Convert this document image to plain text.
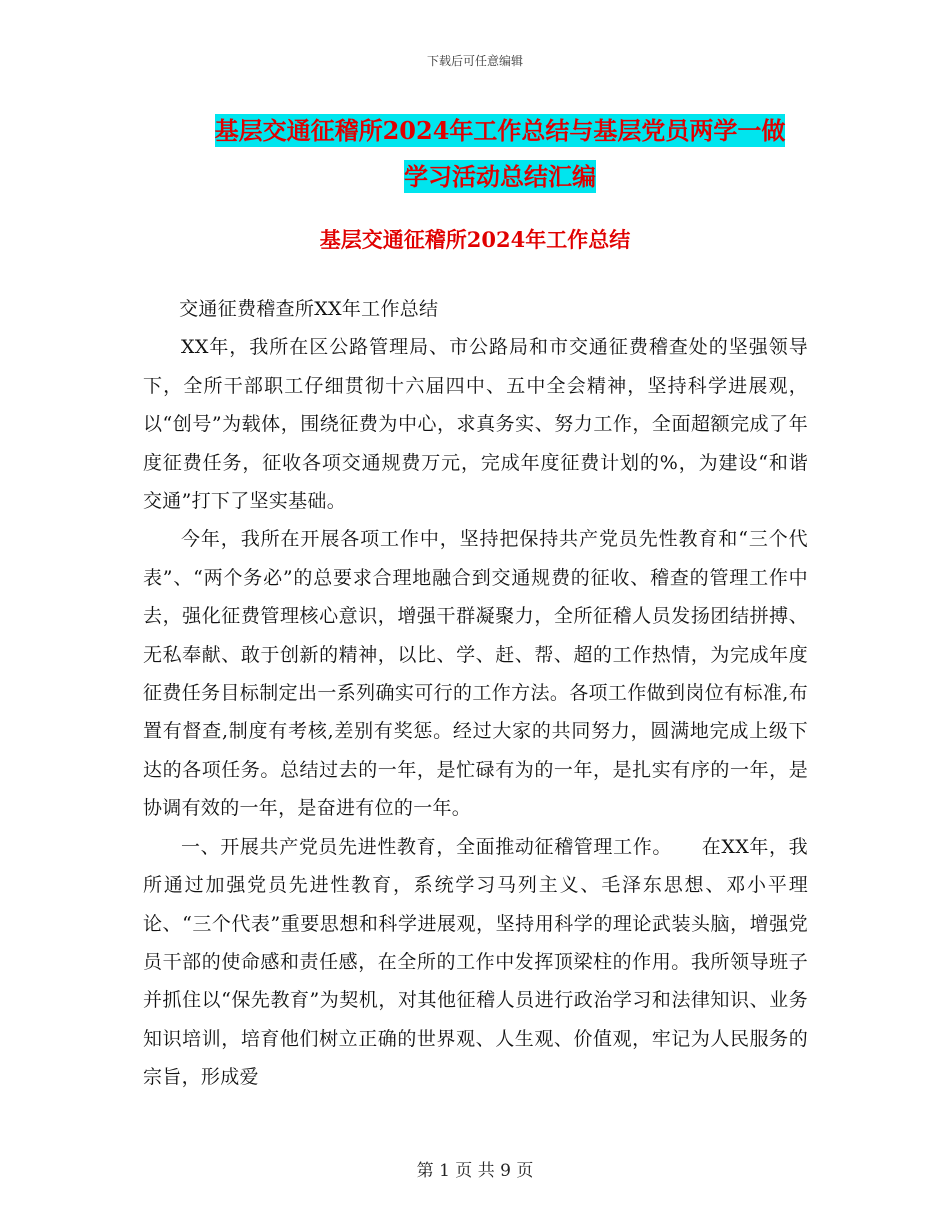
下载后可任意编辑
基层交通征稽所2024年工作总结与基层党员两学一做
学习活动总结汇编
基层交通征稽所2024年工作总结

交通征费稽查所XX年工作总结

XX年，我所在区公路管理局、市公路局和市交通征费稽查处的坚强领导下，全所干部职工仔细贯彻十六届四中、五中全会精神，坚持科学进展观，以“创号”为载体，围绕征费为中心，求真务实、努力工作，全面超额完成了年度征费任务，征收各项交通规费万元，完成年度征费计划的%，为建设“和谐交通”打下了坚实基础。

今年，我所在开展各项工作中，坚持把保持共产党员先性教育和“三个代表”、“两个务必”的总要求合理地融合到交通规费的征收、稽查的管理工作中去，强化征费管理核心意识，增强干群凝聚力，全所征稽人员发扬团结拼搏、无私奉献、敢于创新的精神，以比、学、赶、帮、超的工作热情，为完成年度征费任务目标制定出一系列确实可行的工作方法。各项工作做到岗位有标准,布置有督查,制度有考核,差别有奖惩。经过大家的共同努力，圆满地完成上级下达的各项任务。总结过去的一年，是忙碌有为的一年，是扎实有序的一年，是协调有效的一年，是奋进有位的一年。

一、开展共产党员先进性教育，全面推动征稽管理工作。　　在XX年，我所通过加强党员先进性教育，系统学习马列主义、毛泽东思想、邓小平理论、“三个代表”重要思想和科学进展观，坚持用科学的理论武装头脑，增强党员干部的使命感和责任感，在全所的工作中发挥顶梁柱的作用。我所领导班子并抓住以“保先教育”为契机，对其他征稽人员进行政治学习和法律知识、业务知识培训，培育他们树立正确的世界观、人生观、价值观，牢记为人民服务的宗旨，形成爱

第 1 页 共 9 页
